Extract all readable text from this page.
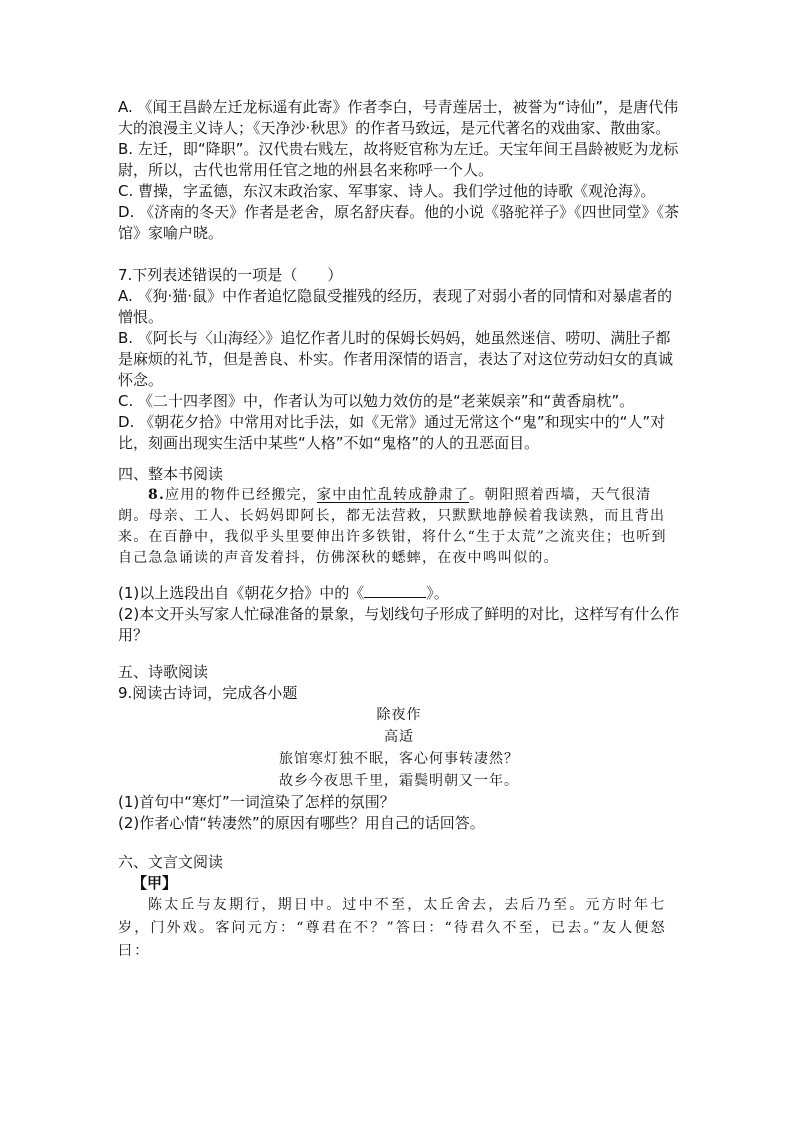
A. 《闻王昌龄左迁龙标遥有此寄》作者李白，号青莲居士，被誉为“诗仙”，是唐代伟大的浪漫主义诗人；《天净沙·秋思》的作者马致远，是元代著名的戏曲家、散曲家。

B. 左迁，即“降职”。汉代贵右贱左，故将贬官称为左迁。天宝年间王昌龄被贬为龙标尉，所以，古代也常用任官之地的州县名来称呼一个人。

C. 曹操，字孟德，东汉末政治家、军事家、诗人。我们学过他的诗歌《观沧海》。

D. 《济南的冬天》作者是老舍，原名舒庆春。他的小说《骆驼祥子》《四世同堂》《茶馆》家喻户晓。

7.下列表述错误的一项是（　　）

A. 《狗·猫·鼠》中作者追忆隐鼠受摧残的经历，表现了对弱小者的同情和对暴虐者的憎恨。

B. 《阿长与〈山海经〉》追忆作者儿时的保姆长妈妈，她虽然迷信、唠叨、满肚子都是麻烦的礼节，但是善良、朴实。作者用深情的语言，表达了对这位劳动妇女的真诚怀念。

C. 《二十四孝图》中，作者认为可以勉力效仿的是“老莱娱亲”和“黄香扇枕”。

D. 《朝花夕拾》中常用对比手法，如《无常》通过无常这个“鬼”和现实中的“人”对比，刻画出现实生活中某些“人格”不如“鬼格”的人的丑恶面目。

四、整本书阅读

8.应用的物件已经搬完，家中由忙乱转成静肃了。朝阳照着西墙，天气很清朗。母亲、工人、长妈妈即阿长，都无法营救，只默默地静候着我读熟，而且背出来。在百静中，我似乎头里要伸出许多铁钳，将什么“生于太荒”之流夹住；也听到自己急急诵读的声音发着抖，仿佛深秋的蟋蟀，在夜中鸣叫似的。

(1)以上选段出自《朝花夕拾》中的《	》。

(2)本文开头写家人忙碌准备的景象，与划线句子形成了鲜明的对比，这样写有什么作用？

五、诗歌阅读

9.阅读古诗词，完成各小题

除夜作

高适

旅馆寒灯独不眠，客心何事转凄然？

故乡今夜思千里，霜鬓明朝又一年。

(1)首句中“寒灯”一词渲染了怎样的氛围？

(2)作者心情“转凄然”的原因有哪些？用自己的话回答。

六、文言文阅读

【甲】

陈太丘与友期行，期日中。过中不至，太丘舍去，去后乃至。元方时年七岁，门外戏。客问元方：“尊君在不？”答曰：“待君久不至，已去。”友人便怒曰：
